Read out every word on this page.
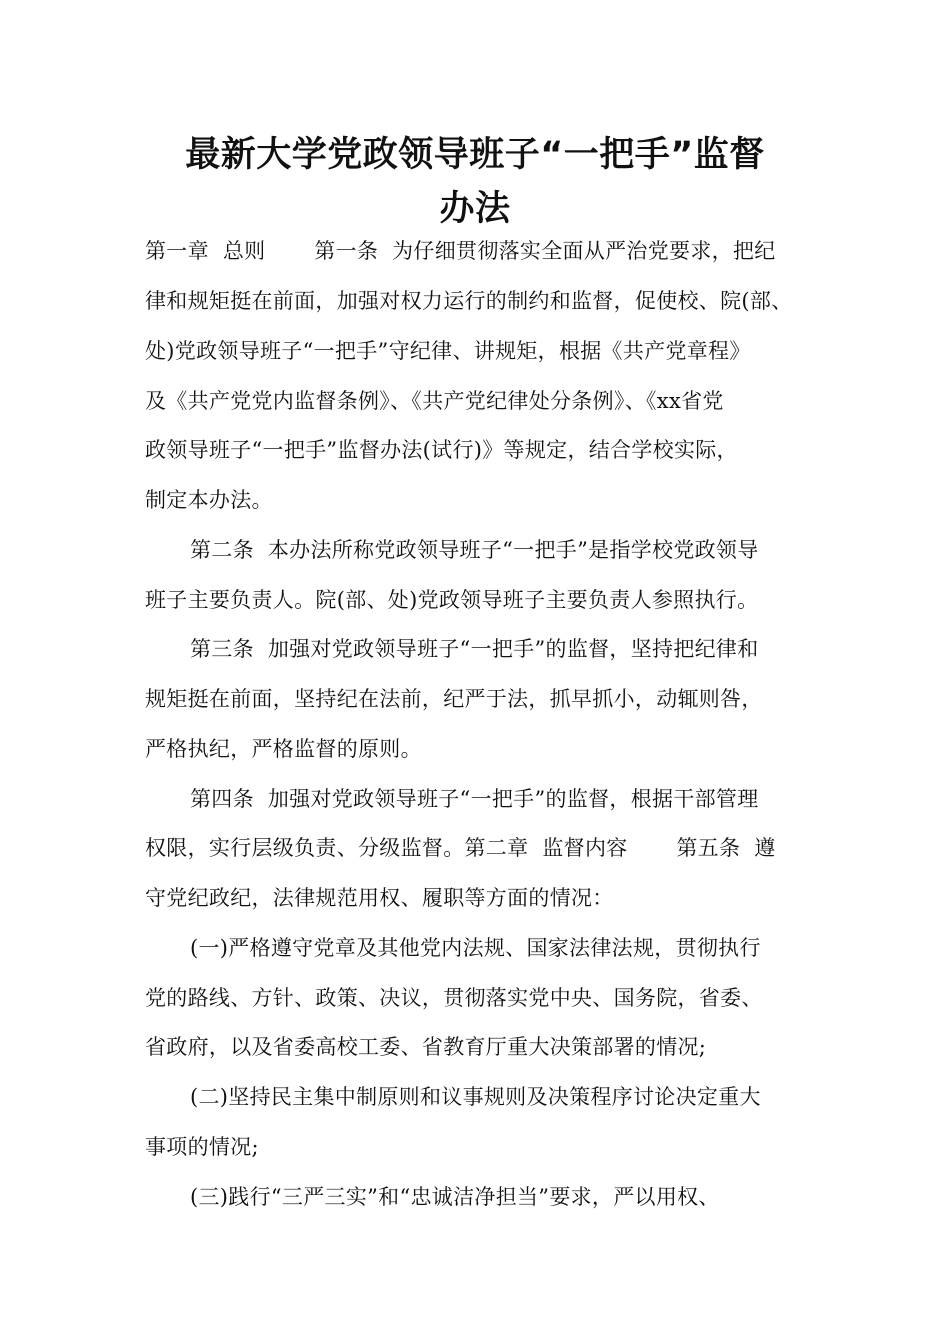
最新大学党政领导班子“一把手”监督
办法
第一章  总则       第一条  为仔细贯彻落实全面从严治党要求，把纪
律和规矩挺在前面，加强对权力运行的制约和监督，促使校、院(部、
处)党政领导班子“一把手”守纪律、讲规矩，根据《共产党章程》
及《共产党党内监督条例》、《共产党纪律处分条例》、《xx省党
政领导班子“一把手”监督办法(试行)》等规定，结合学校实际，
制定本办法。
第二条  本办法所称党政领导班子“一把手”是指学校党政领导
班子主要负责人。院(部、处)党政领导班子主要负责人参照执行。
第三条  加强对党政领导班子“一把手”的监督，坚持把纪律和
规矩挺在前面，坚持纪在法前，纪严于法，抓早抓小，动辄则咎，
严格执纪，严格监督的原则。
第四条  加强对党政领导班子“一把手”的监督，根据干部管理
权限，实行层级负责、分级监督。第二章  监督内容       第五条  遵
守党纪政纪，法律规范用权、履职等方面的情况：
(一)严格遵守党章及其他党内法规、国家法律法规，贯彻执行
党的路线、方针、政策、决议，贯彻落实党中央、国务院，省委、
省政府，以及省委高校工委、省教育厅重大决策部署的情况;
(二)坚持民主集中制原则和议事规则及决策程序讨论决定重大
事项的情况;
(三)践行“三严三实”和“忠诚洁净担当”要求，严以用权、
